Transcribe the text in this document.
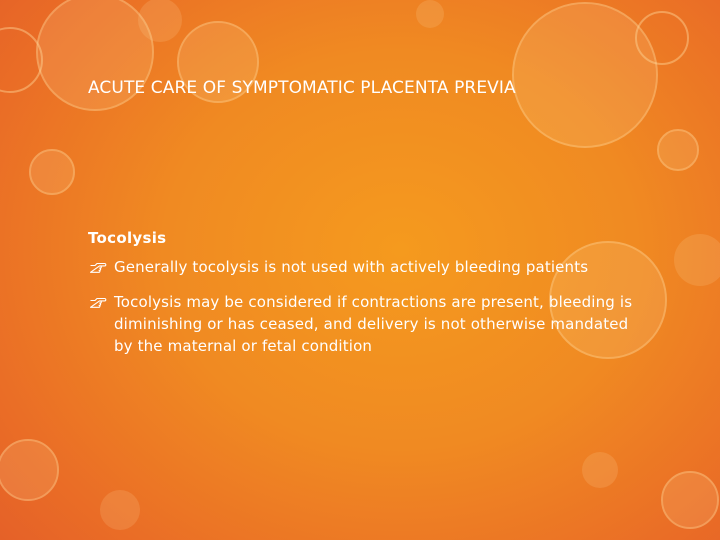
ACUTE CARE OF SYMPTOMATIC PLACENTA PREVIA
Tocolysis
Generally tocolysis is not used with actively bleeding patients
Tocolysis may be considered if contractions are present, bleeding is diminishing or has ceased, and delivery is not otherwise mandated by the maternal or fetal condition
